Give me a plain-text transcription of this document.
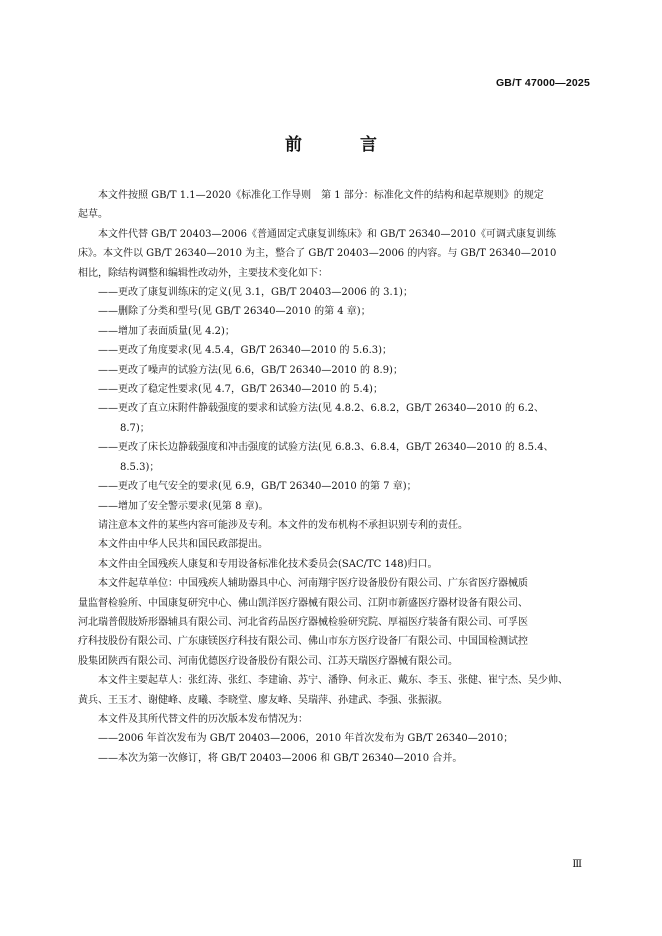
GB/T 47000—2025
前 言

本文件按照 GB/T 1.1—2020《标准化工作导则　第 1 部分：标准化文件的结构和起草规则》的规定

起草。

本文件代替 GB/T 20403—2006《普通固定式康复训练床》和 GB/T 26340—2010《可调式康复训练

床》。本文件以 GB/T 26340—2010 为主，整合了 GB/T 20403—2006 的内容。与 GB/T 26340—2010

相比，除结构调整和编辑性改动外，主要技术变化如下：

——更改了康复训练床的定义(见 3.1，GB/T 20403—2006 的 3.1)；

——删除了分类和型号(见 GB/T 26340—2010 的第 4 章)；

——增加了表面质量(见 4.2)；

——更改了角度要求(见 4.5.4，GB/T 26340—2010 的 5.6.3)；

——更改了噪声的试验方法(见 6.6，GB/T 26340—2010 的 8.9)；

——更改了稳定性要求(见 4.7，GB/T 26340—2010 的 5.4)；

——更改了直立床附件静载强度的要求和试验方法(见 4.8.2、6.8.2，GB/T 26340—2010 的 6.2、
8.7)；
——更改了床长边静载强度和冲击强度的试验方法(见 6.8.3、6.8.4，GB/T 26340—2010 的 8.5.4、
8.5.3)；

——更改了电气安全的要求(见 6.9，GB/T 26340—2010 的第 7 章)；

——增加了安全警示要求(见第 8 章)。

请注意本文件的某些内容可能涉及专利。本文件的发布机构不承担识别专利的责任。

本文件由中华人民共和国民政部提出。

本文件由全国残疾人康复和专用设备标准化技术委员会(SAC/TC 148)归口。

本文件起草单位：中国残疾人辅助器具中心、河南翔宇医疗设备股份有限公司、广东省医疗器械质

量监督检验所、中国康复研究中心、佛山凯洋医疗器械有限公司、江阴市新盛医疗器材设备有限公司、

河北瑞普假肢矫形器辅具有限公司、河北省药品医疗器械检验研究院、厚福医疗装备有限公司、可孚医

疗科技股份有限公司、广东康镁医疗科技有限公司、佛山市东方医疗设备厂有限公司、中国国检测试控

股集团陕西有限公司、河南优德医疗设备股份有限公司、江苏天瑞医疗器械有限公司。

本文件主要起草人：张红涛、张红、李建谕、苏宁、潘铮、何永正、戴东、李玉、张健、崔宁杰、吴少帅、

黄兵、王玉才、谢健峰、皮曦、李晓堂、廖友峰、吴瑞萍、孙建武、李强、张振淑。

本文件及其所代替文件的历次版本发布情况为：

——2006 年首次发布为 GB/T 20403—2006，2010 年首次发布为 GB/T 26340—2010；

——本次为第一次修订，将 GB/T 20403—2006 和 GB/T 26340—2010 合并。

Ⅲ
